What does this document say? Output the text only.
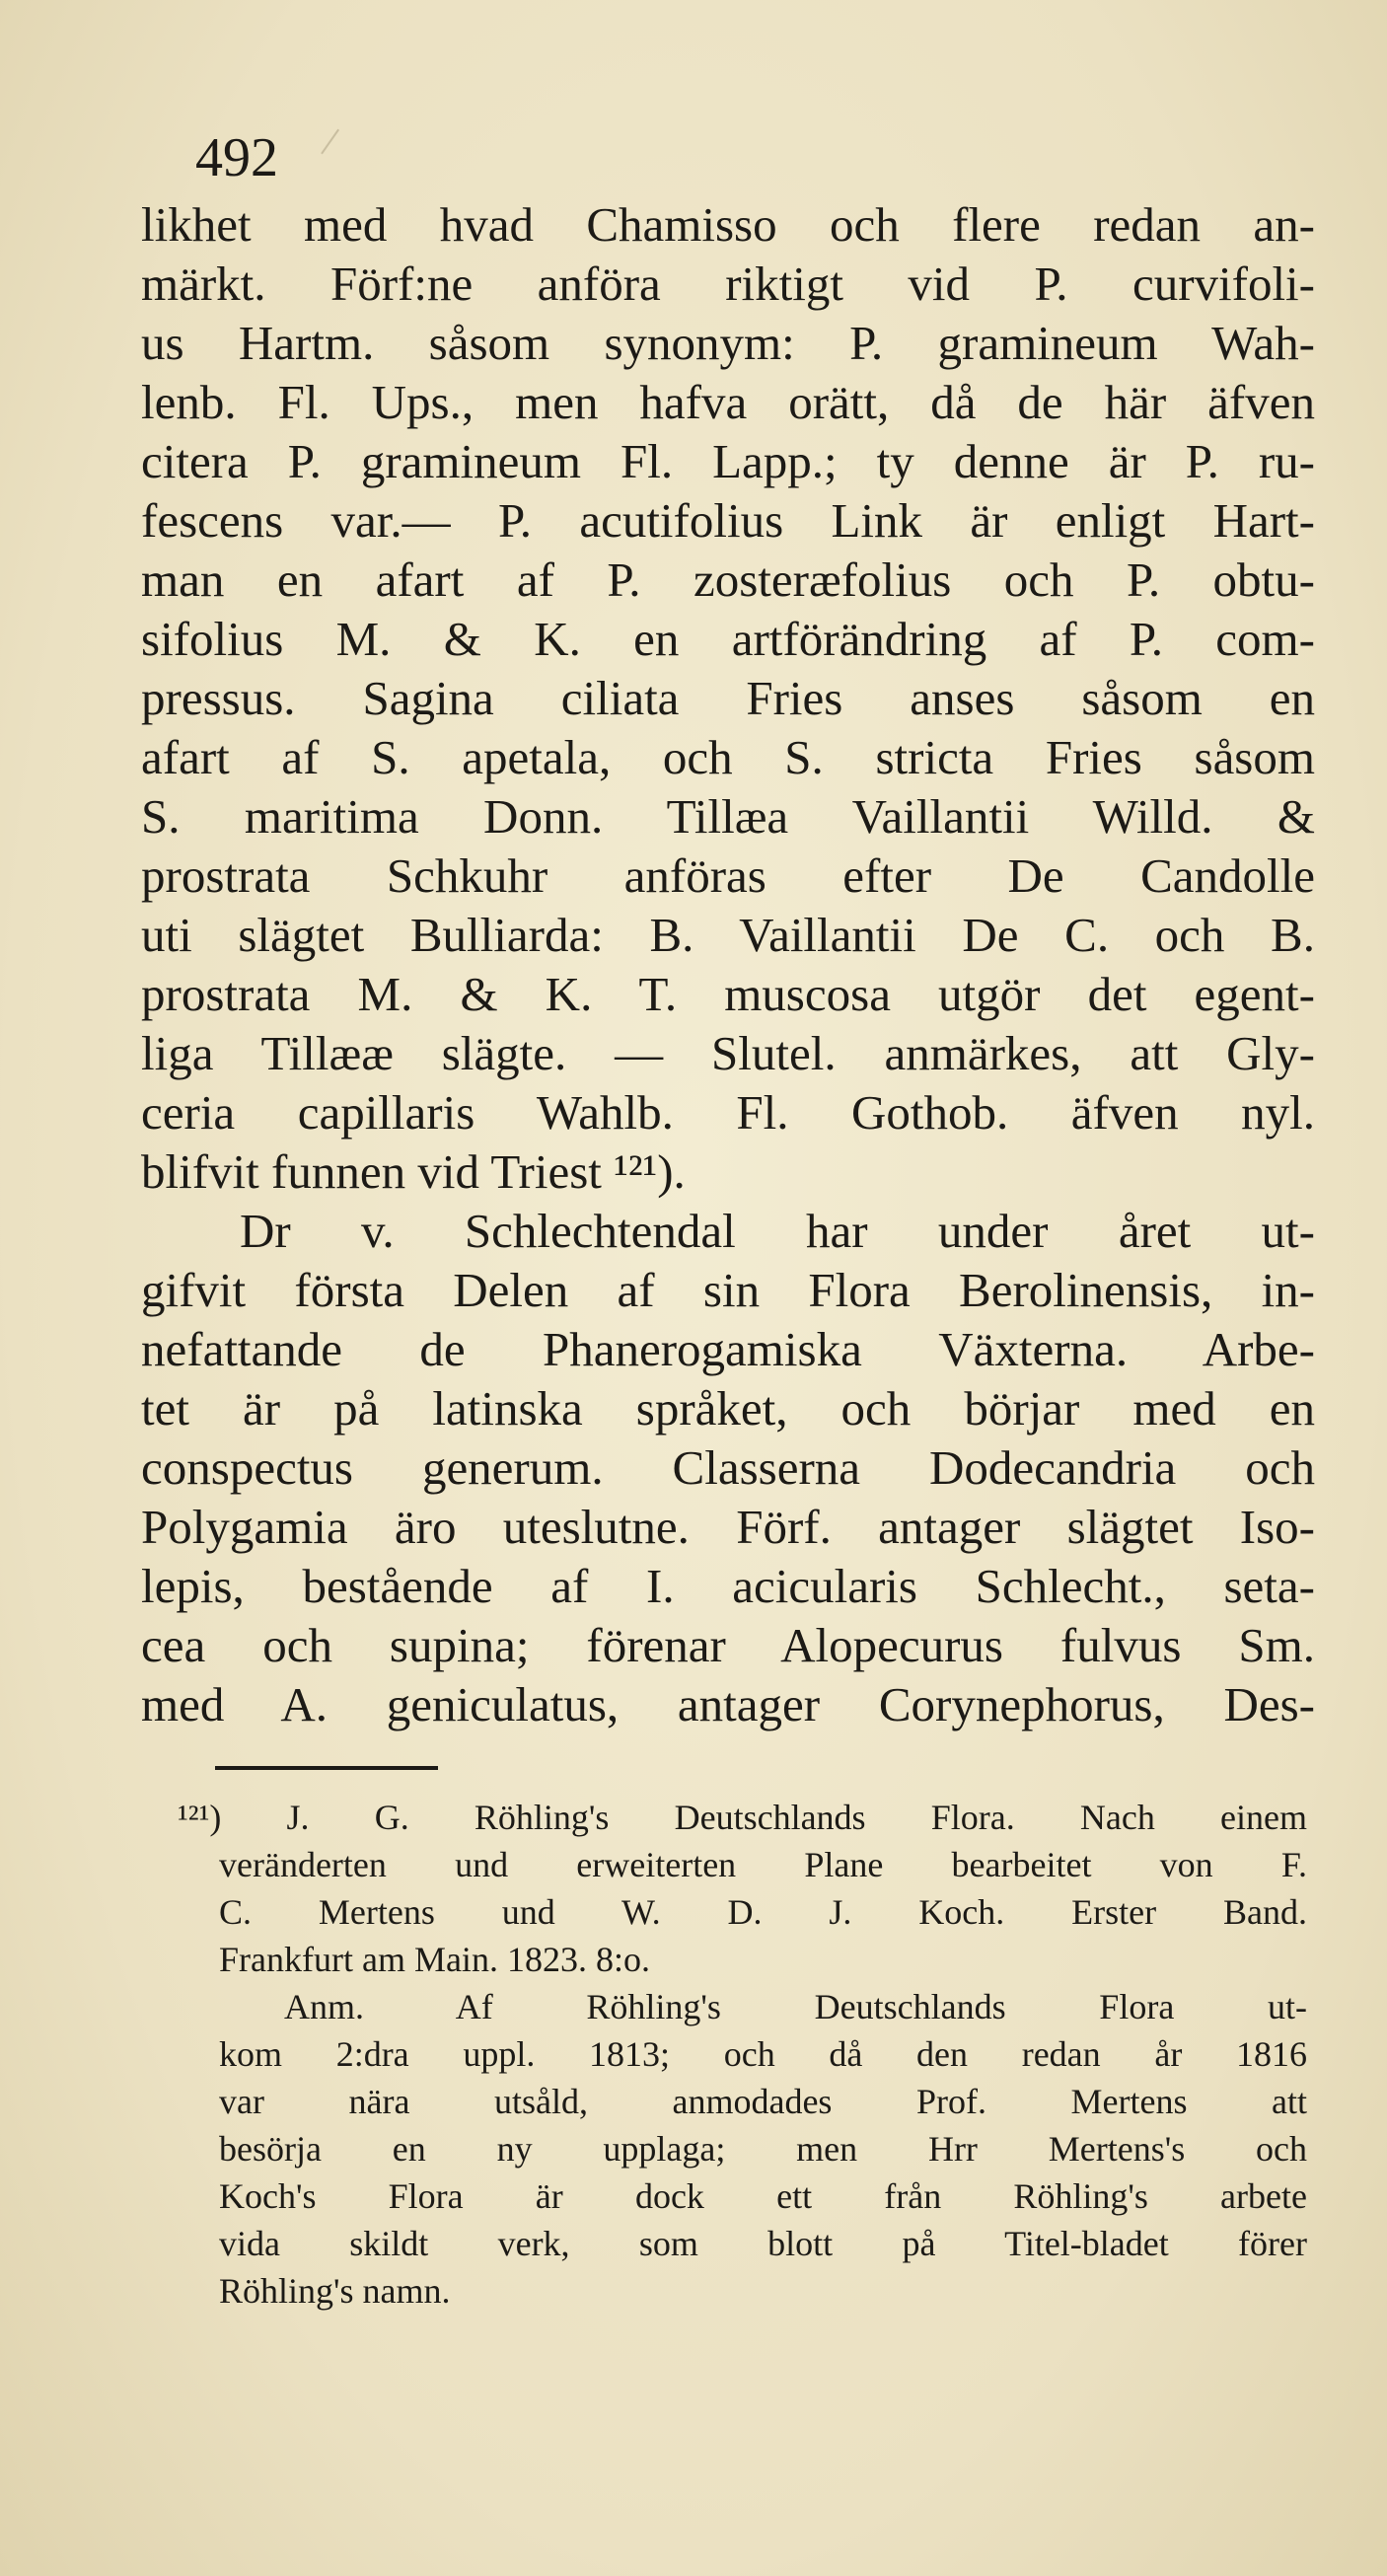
492
likhet med hvad Chamisso och flere redan an-
märkt. Förf:ne anföra riktigt vid P. curvifoli-
us Hartm. såsom synonym: P. gramineum Wah-
lenb. Fl. Ups., men hafva orätt, då de här äfven
citera P. gramineum Fl. Lapp.; ty denne är P. ru-
fescens var.— P. acutifolius Link är enligt Hart-
man en afart af P. zosteræfolius och P. obtu-
sifolius M. & K. en artförändring af P. com-
pressus. Sagina ciliata Fries anses såsom en
afart af S. apetala, och S. stricta Fries såsom
S. maritima Donn. Tillæa Vaillantii Willd. &
prostrata Schkuhr anföras efter De Candolle
uti slägtet Bulliarda: B. Vaillantii De C. och B.
prostrata M. & K. T. muscosa utgör det egent-
liga Tillææ slägte. — Slutel. anmärkes, att Gly-
ceria capillaris Wahlb. Fl. Gothob. äfven nyl.
blifvit funnen vid Triest ¹²¹).
Dr v. Schlechtendal har under året ut-
gifvit första Delen af sin Flora Berolinensis, in-
nefattande de Phanerogamiska Växterna. Arbe-
tet är på latinska språket, och börjar med en
conspectus generum. Classerna Dodecandria och
Polygamia äro uteslutne. Förf. antager slägtet Iso-
lepis, bestående af I. acicularis Schlecht., seta-
cea och supina; förenar Alopecurus fulvus Sm.
med A. geniculatus, antager Corynephorus, Des-
¹²¹) J. G. Röhling's Deutschlands Flora. Nach einem
veränderten und erweiterten Plane bearbeitet von F.
C. Mertens und W. D. J. Koch. Erster Band.
Frankfurt am Main. 1823. 8:o.
Anm. Af Röhling's Deutschlands Flora ut-
kom 2:dra uppl. 1813; och då den redan år 1816
var nära utsåld, anmodades Prof. Mertens att
besörja en ny upplaga; men Hrr Mertens's och
Koch's Flora är dock ett från Röhling's arbete
vida skildt verk, som blott på Titel-bladet förer
Röhling's namn.
